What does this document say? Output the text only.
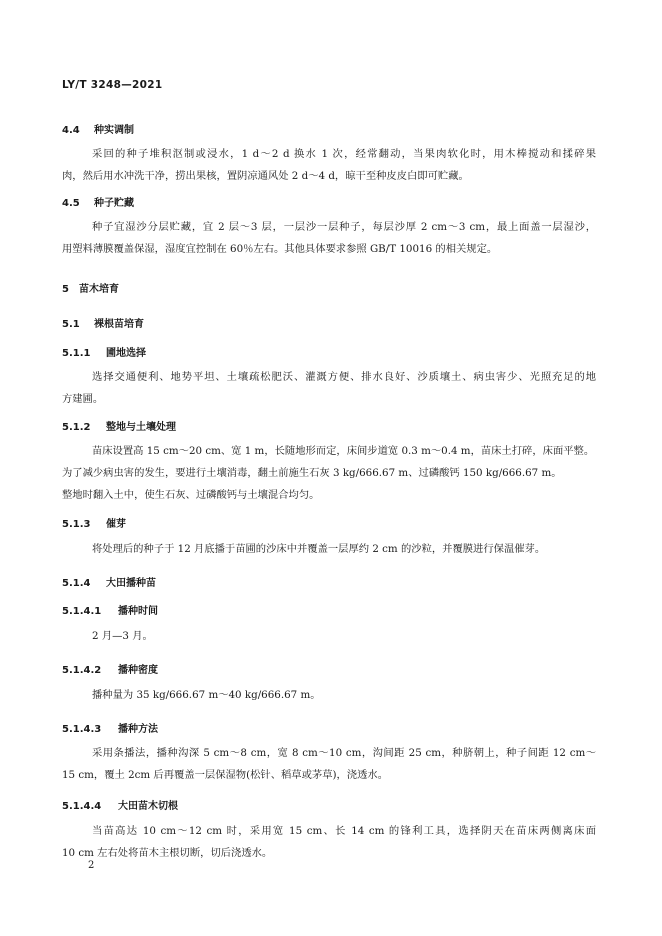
LY/T 3248—2021
4.4 种实调制
采回的种子堆积沤制或浸水，1 d～2 d 换水 1 次，经常翻动，当果肉软化时，用木棒搅动和揉碎果
肉，然后用水冲洗干净，捞出果核，置阴凉通风处 2 d～4 d，晾干至种皮皮白即可贮藏。
4.5 种子贮藏
种子宜湿沙分层贮藏，宜 2 层～3 层，一层沙一层种子，每层沙厚 2 cm～3 cm，最上面盖一层湿沙，
用塑料薄膜覆盖保湿，湿度宜控制在 60％左右。其他具体要求参照 GB/T 10016 的相关规定。
5 苗木培育
5.1 裸根苗培育
5.1.1 圃地选择
选择交通便利、地势平坦、土壤疏松肥沃、灌溉方便、排水良好、沙质壤土、病虫害少、光照充足的地
方建圃。
5.1.2 整地与土壤处理
苗床设置高 15 cm～20 cm、宽 1 m，长随地形而定，床间步道宽 0.3 m～0.4 m，苗床土打碎，床面平整。
为了减少病虫害的发生，要进行土壤消毒，翻土前施生石灰 3 kg/666.67 m、过磷酸钙 150 kg/666.67 m。
整地时翻入土中，使生石灰、过磷酸钙与土壤混合均匀。
5.1.3 催芽
将处理后的种子于 12 月底播于苗圃的沙床中并覆盖一层厚约 2 cm 的沙粒，并覆膜进行保温催芽。
5.1.4 大田播种苗
5.1.4.1 播种时间
2 月—3 月。
5.1.4.2 播种密度
播种量为 35 kg/666.67 m～40 kg/666.67 m。
5.1.4.3 播种方法
采用条播法，播种沟深 5 cm～8 cm，宽 8 cm～10 cm，沟间距 25 cm，种脐朝上，种子间距 12 cm～
15 cm，覆土 2cm 后再覆盖一层保湿物(松针、稻草或茅草)，浇透水。
5.1.4.4 大田苗木切根
当苗高达 10 cm～12 cm 时，采用宽 15 cm、长 14 cm 的锋利工具，选择阴天在苗床两侧离床面
10 cm 左右处将苗木主根切断，切后浇透水。
2
